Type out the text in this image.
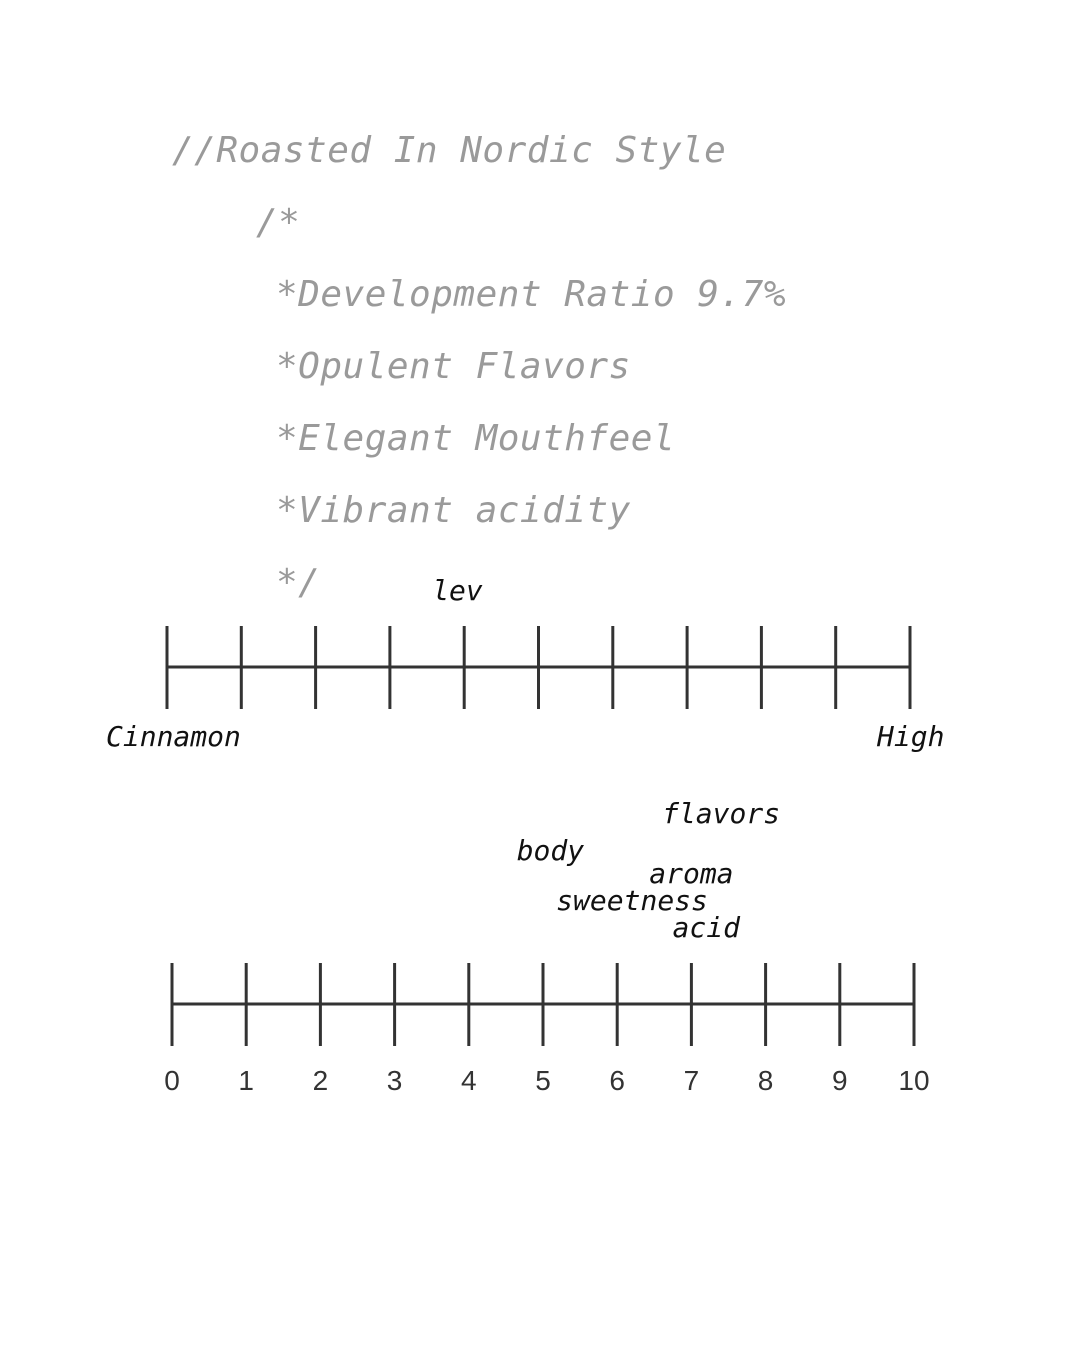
//Roasted In Nordic Style
/*
*Development Ratio 9.7%
*Opulent Flavors
*Elegant Mouthfeel
*Vibrant acidity
*/	lev
Cinnamon	High
flavors
body
aroma
sweetness
acid
0 1 2 3 4 5 6 7 8 9 10
